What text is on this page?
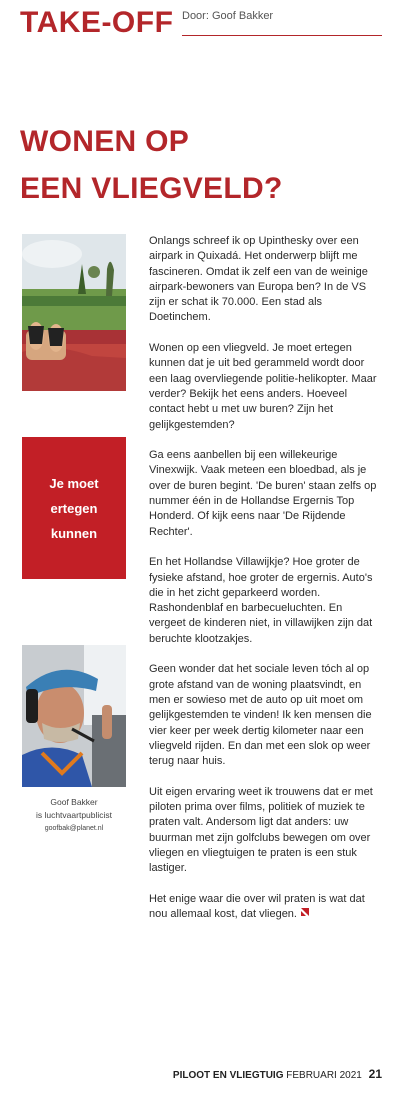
TAKE-OFF Door: Goof Bakker
WONEN OP
EEN VLIEGVELD?
Je moet
ertegen
kunnen
Goof Bakker
is luchtvaartpublicist
goofbak@planet.nl

Onlangs schreef ik op Upinthesky over een airpark in Quixadá. Het onderwerp blijft me fascineren. Omdat ik zelf een van de weinige airpark-bewoners van Europa ben? In de VS zijn er schat ik 70.000. Een stad als Doetinchem.

Wonen op een vliegveld. Je moet ertegen kunnen dat je uit bed gerammeld wordt door een laag overvliegende politie-helikopter. Maar verder? Bekijk het eens anders. Hoeveel contact hebt u met uw buren? Zijn het gelijkgestemden?

Ga eens aanbellen bij een willekeurige Vinexwijk. Vaak meteen een bloedbad, als je over de buren begint. 'De buren' staan zelfs op nummer één in de Hollandse Ergernis Top Honderd. Of kijk eens naar 'De Rijdende Rechter'.

En het Hollandse Villawijkje? Hoe groter de fysieke afstand, hoe groter de ergernis. Auto's die in het zicht geparkeerd worden. Rashondenblaf en barbecueluchten. En vergeet de kinderen niet, in villawijken zijn dat beruchte klootzakjes.

Geen wonder dat het sociale leven tóch al op grote afstand van de woning plaatsvindt, en men er sowieso met de auto op uit moet om gelijkgestemden te vinden! Ik ken mensen die vier keer per week dertig kilometer naar een vliegveld rijden. En dan met een slok op weer terug naar huis.

Uit eigen ervaring weet ik trouwens dat er met piloten prima over films, politiek of muziek te praten valt. Andersom ligt dat anders: uw buurman met zijn golfclubs bewegen om over vliegen en vliegtuigen te praten is een stuk lastiger.

Het enige waar die over wil praten is wat dat nou allemaal kost, dat vliegen.

PILOOT EN VLIEGTUIG FEBRUARI 2021 21
